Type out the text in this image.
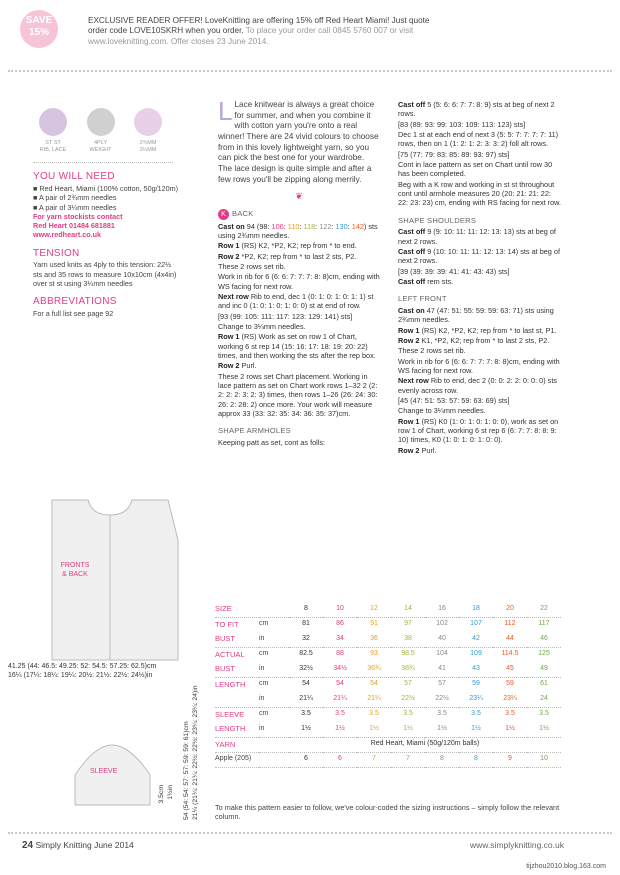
SAVE
15%
EXCLUSIVE READER OFFER! LoveKnitting are offering 15% off Red Heart Miami! Just quote
order code LOVE10SKRH when you order. To place your order call 0845 5760 007 or visit
www.loveknitting.com. Offer closes 23 June 2014.
ST ST
RIB, LACE
4PLY
WEIGHT
2¾MM
3¼MM
YOU WILL NEED
■ Red Heart, Miami (100% cotton, 50g/120m)
■ A pair of 2¾mm needles
■ A pair of 3¼mm needles
For yarn stockists contact
Red Heart 01484 681881
www.redheart.co.uk
TENSION
Yarn used knits as 4ply to this tension: 22½ sts and 35 rows to measure 10x10cm (4x4in) over st st using 3¼mm needles
ABBREVIATIONS
For a full list see page 92
FRONTS
& BACK
54 (54: 54: 57: 57: 59: 59: 61)cm 21¼ (21¼: 21¼: 22½: 22½: 23¼: 23¼: 24)in
41.25 (44: 46.5: 49.25: 52: 54.5: 57.25: 62.5)cm
16¼ (17¼: 18¼: 19¼: 20½: 21½: 22½: 24½)in
SLEEVE
3.5cm 1½in

L Lace knitwear is always a great choice for summer, and when you combine it with cotton yarn you're onto a real winner! There are 24 vivid colours to choose from in this lovely lightweight yarn, so you can pick the best one for your wardrobe. The lace design is quite simple and after a few rows you'll be zipping along merrily.

❦
K BACK

Cast on 94 (98: 106: 110: 118: 122: 130: 142) sts using 2¾mm needles.

Row 1 (RS) K2, *P2, K2; rep from * to end.

Row 2 *P2, K2; rep from * to last 2 sts, P2.

These 2 rows set rib.

Work in rib for 6 (6: 6: 7: 7: 7: 8: 8)cm, ending with WS facing for next row.

Next row Rib to end, dec 1 (0: 1: 0: 1: 0: 1: 1) st and inc 0 (1: 0: 1: 0: 1: 0: 0) st at end of row.

[93 (99: 105: 111: 117: 123: 129: 141) sts]

Change to 3¼mm needles.

Row 1 (RS) Work as set on row 1 of Chart, working 6 st rep 14 (15: 16: 17: 18: 19: 20: 22) times, and then working the sts after the rep box.

Row 2 Purl.

These 2 rows set Chart placement. Working in lace pattern as set on Chart work rows 1–32 2 (2: 2: 2: 2: 3: 2: 3) times, then rows 1–26 (26: 24: 30: 26: 2: 28: 2) once more. Your work will measure approx 33 (33: 32: 35: 34: 36: 35: 37)cm.

SHAPE ARMHOLES

Keeping patt as set, cont as folls:

Cast off 5 (5: 6: 6: 7: 7: 8: 9) sts at beg of next 2 rows.

[83 (89: 93: 99: 103: 109: 113: 123) sts]

Dec 1 st at each end of next 3 (5: 5: 7: 7: 7: 7: 11) rows, then on 1 (1: 2: 1: 2: 3: 3: 2) foll alt rows.

[75 (77: 79: 83: 85: 89: 93: 97) sts]

Cont in lace pattern as set on Chart until row 30 has been completed.

Beg with a K row and working in st st throughout cont until armhole measures 20 (20: 21: 21: 22: 22: 23: 23) cm, ending with RS facing for next row.

SHAPE SHOULDERS

Cast off 9 (9: 10: 11: 11: 12: 13: 13) sts at beg of next 2 rows.

Cast off 9 (10: 10: 11: 11: 12: 13: 14) sts at beg of next 2 rows.

[39 (39: 39: 39: 41: 41: 43: 43) sts]

Cast off rem sts.

LEFT FRONT

Cast on 47 (47: 51: 55: 59: 59: 63: 71) sts using 2¾mm needles.

Row 1 (RS) K2, *P2, K2; rep from * to last st, P1.

Row 2 K1, *P2, K2; rep from * to last 2 sts, P2.

These 2 rows set rib.

Work in rib for 6 (6: 6: 7: 7: 7: 8: 8)cm, ending with WS facing for next row.

Next row Rib to end, dec 2 (0: 0: 2: 2: 0: 0: 0) sts evenly across row.

[45 (47: 51: 53: 57: 59: 63: 69) sts]

Change to 3¼mm needles.

Row 1 (RS) K0 (1: 0: 1: 0: 1: 0: 0), work as set on row 1 of Chart, working 6 st rep 6 (6: 7: 7: 8: 8: 9: 10) times, K0 (1: 0: 1: 0: 1: 0: 0).

Row 2 Purl.

SIZE		8	10	12	14	16	18	20	22
TO FIT	cm	81	86	91	97	102	107	112	117
BUST	in	32	34	36	38	40	42	44	46
ACTUAL	cm	82.5	88	93	98.5	104	109	114.5	125
BUST	in	32½	34½	36¾	38¾	41	43	45	49
LENGTH	cm	54	54	54	57	57	59	59	61
	in	21¼	21¼	21¼	22½	22½	23¼	23¼	24
SLEEVE	cm	3.5	3.5	3.5	3.5	3.5	3.5	3.5	3.5
LENGTH	in	1½	1½	1½	1½	1½	1½	1½	1½
YARN		Red Heart, Miami (50g/120m balls)							
Apple (205)		6	6	7	7	8	8	9	10
To make this pattern easier to follow, we've colour-coded the sizing instructions – simply follow the relevant column.
24 Simply Knitting June 2014	www.simplyknitting.co.uk
tijzhou2010.blog.163.com
